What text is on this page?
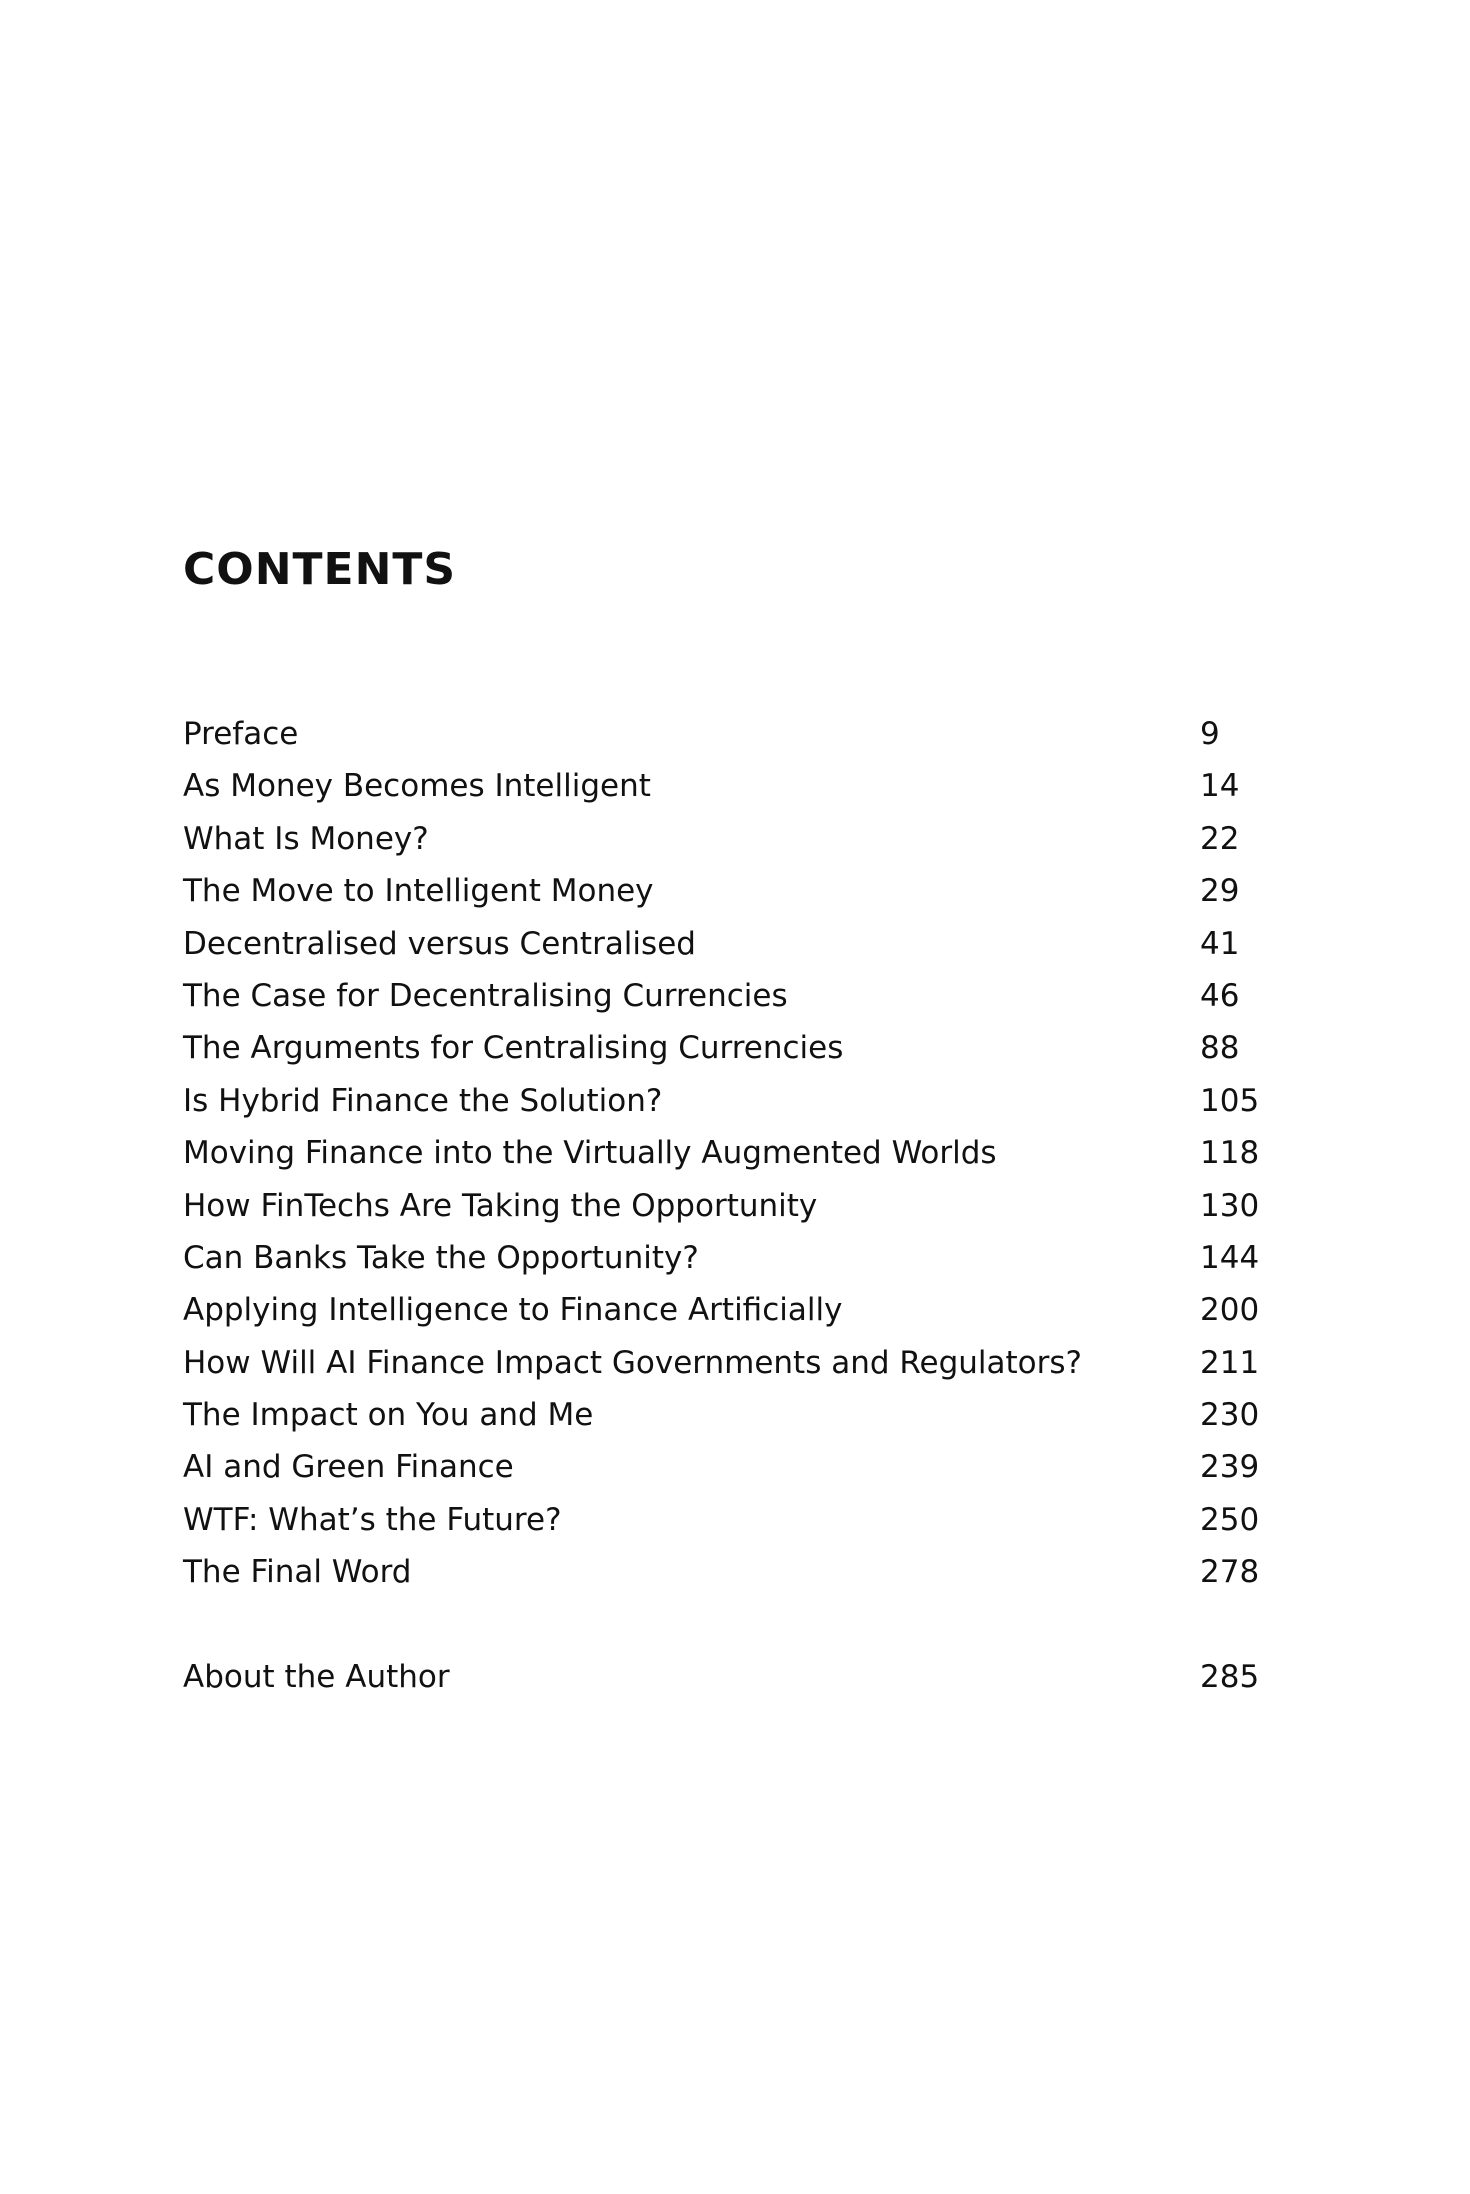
CONTENTS
Preface	9
As Money Becomes Intelligent	14
What Is Money?	22
The Move to Intelligent Money	29
Decentralised versus Centralised	41
The Case for Decentralising Currencies	46
The Arguments for Centralising Currencies	88
Is Hybrid Finance the Solution?	105
Moving Finance into the Virtually Augmented Worlds	118
How FinTechs Are Taking the Opportunity	130
Can Banks Take the Opportunity?	144
Applying Intelligence to Finance Artificially	200
How Will AI Finance Impact Governments and Regulators?	211
The Impact on You and Me	230
AI and Green Finance	239
WTF: What’s the Future?	250
The Final Word	278
About the Author	285
